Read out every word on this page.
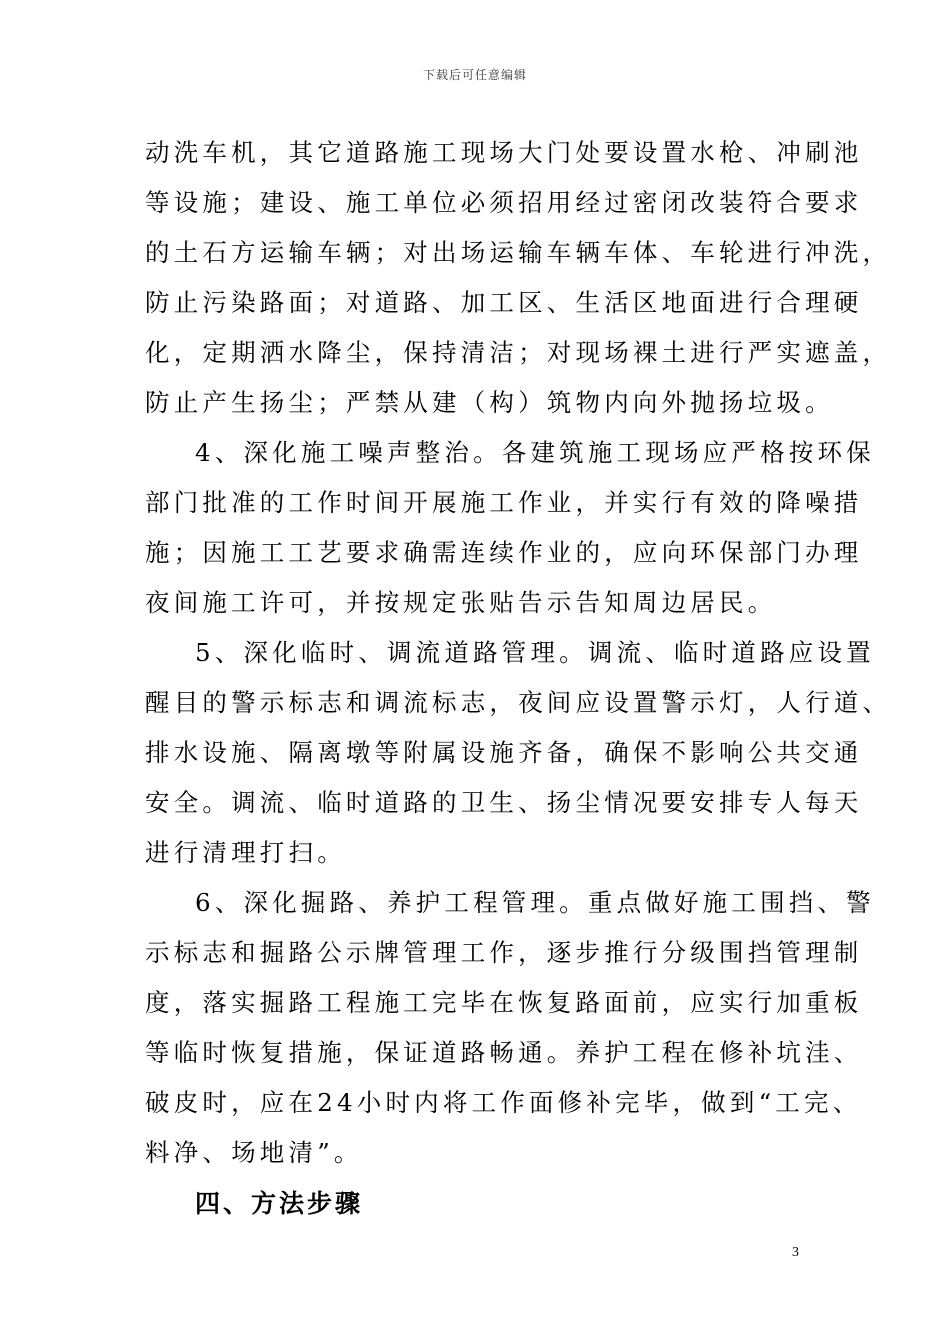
下载后可任意编辑
动洗车机，其它道路施工现场大门处要设置水枪、冲刷池
等设施；建设、施工单位必须招用经过密闭改装符合要求
的土石方运输车辆；对出场运输车辆车体、车轮进行冲洗，
防止污染路面；对道路、加工区、生活区地面进行合理硬
化，定期洒水降尘，保持清洁；对现场裸土进行严实遮盖，
防止产生扬尘；严禁从建（构）筑物内向外抛扬垃圾。
4、深化施工噪声整治。各建筑施工现场应严格按环保
部门批准的工作时间开展施工作业，并实行有效的降噪措
施；因施工工艺要求确需连续作业的，应向环保部门办理
夜间施工许可，并按规定张贴告示告知周边居民。
5、深化临时、调流道路管理。调流、临时道路应设置
醒目的警示标志和调流标志，夜间应设置警示灯，人行道、
排水设施、隔离墩等附属设施齐备，确保不影响公共交通
安全。调流、临时道路的卫生、扬尘情况要安排专人每天
进行清理打扫。
6、深化掘路、养护工程管理。重点做好施工围挡、警
示标志和掘路公示牌管理工作，逐步推行分级围挡管理制
度，落实掘路工程施工完毕在恢复路面前，应实行加重板
等临时恢复措施，保证道路畅通。养护工程在修补坑洼、
破皮时，应在24小时内将工作面修补完毕，做到“工完、
料净、场地清”。
四、方法步骤
3
